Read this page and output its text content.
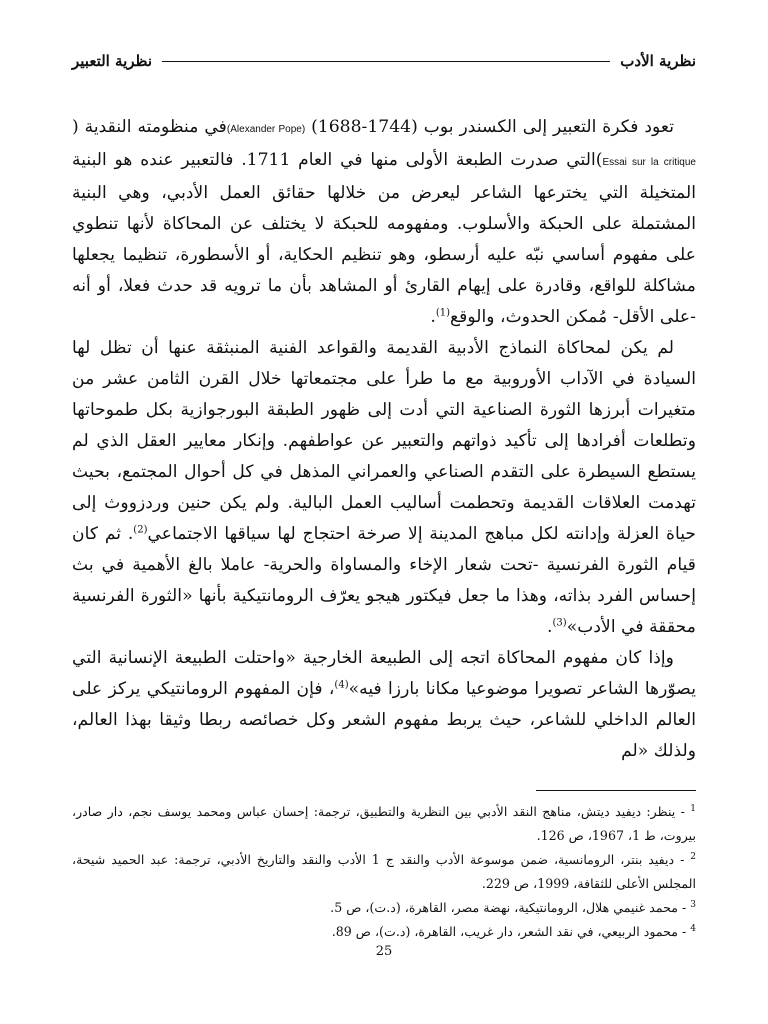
نظرية الأدب
نظرية التعبير

تعود فكرة التعبير إلى الكسندر بوب (Alexander Pope) (1688-1744)في منظومته النقدية ( Essai sur la critique)التي صدرت الطبعة الأولى منها في العام 1711. فالتعبير عنده هو البنية المتخيلة التي يخترعها الشاعر ليعرض من خلالها حقائق العمل الأدبي، وهي البنية المشتملة على الحبكة والأسلوب. ومفهومه للحبكة لا يختلف عن المحاكاة لأنها تنطوي على مفهوم أساسي نبّه عليه أرسطو، وهو تنظيم الحكاية، أو الأسطورة، تنظيما يجعلها مشاكلة للواقع، وقادرة على إيهام القارئ أو المشاهد بأن ما ترويه قد حدث فعلا، أو أنه -على الأقل- مُمكن الحدوث، والوقع$^{(1)}$.

لم يكن لمحاكاة النماذج الأدبية القديمة والقواعد الفنية المنبثقة عنها أن تظل لها السيادة في الآداب الأوروبية مع ما طرأ على مجتمعاتها خلال القرن الثامن عشر من متغيرات أبرزها الثورة الصناعية التي أدت إلى ظهور الطبقة البورجوازية بكل طموحاتها وتطلعات أفرادها إلى تأكيد ذواتهم والتعبير عن عواطفهم. وإنكار معايير العقل الذي لم يستطع السيطرة على التقدم الصناعي والعمراني المذهل في كل أحوال المجتمع، بحيث تهدمت العلاقات القديمة وتحطمت أساليب العمل البالية. ولم يكن حنين وردزووث إلى حياة العزلة وإدانته لكل مباهج المدينة إلا صرخة احتجاج لها سياقها الاجتماعي$^{(2)}$. ثم كان قيام الثورة الفرنسية -تحت شعار الإخاء والمساواة والحرية- عاملا بالغ الأهمية في بث إحساس الفرد بذاته، وهذا ما جعل فيكتور هيجو يعرّف الرومانتيكية بأنها «الثورة الفرنسية محققة في الأدب»$^{(3)}$.

وإذا كان مفهوم المحاكاة اتجه إلى الطبيعة الخارجية «واحتلت الطبيعة الإنسانية التي يصوّرها الشاعر تصويرا موضوعيا مكانا بارزا فيه»$^{(4)}$، فإن المفهوم الرومانتيكي يركز على العالم الداخلي للشاعر، حيث يربط مفهوم الشعر وكل خصائصه ربطا وثيقا بهذا العالم، ولذلك «لم

$^1$ - ينظر: ديفيد ديتش، مناهج النقد الأدبي بين النظرية والتطبيق، ترجمة: إحسان عباس ومحمد يوسف نجم، دار صادر، بيروت، ط 1، 1967، ص 126.

$^2$ - ديفيد بنتر، الرومانسية، ضمن موسوعة الأدب والنقد ج 1 الأدب والنقد والتاريخ الأدبي، ترجمة: عبد الحميد شيحة، المجلس الأعلى للثقافة، 1999، ص 229.

$^3$ - محمد غنيمي هلال، الرومانتيكية، نهضة مصر، القاهرة، (د.ت)، ص 5.

$^4$ - محمود الربيعي، في نقد الشعر، دار غريب، القاهرة، (د.ت)، ص 89.

25
